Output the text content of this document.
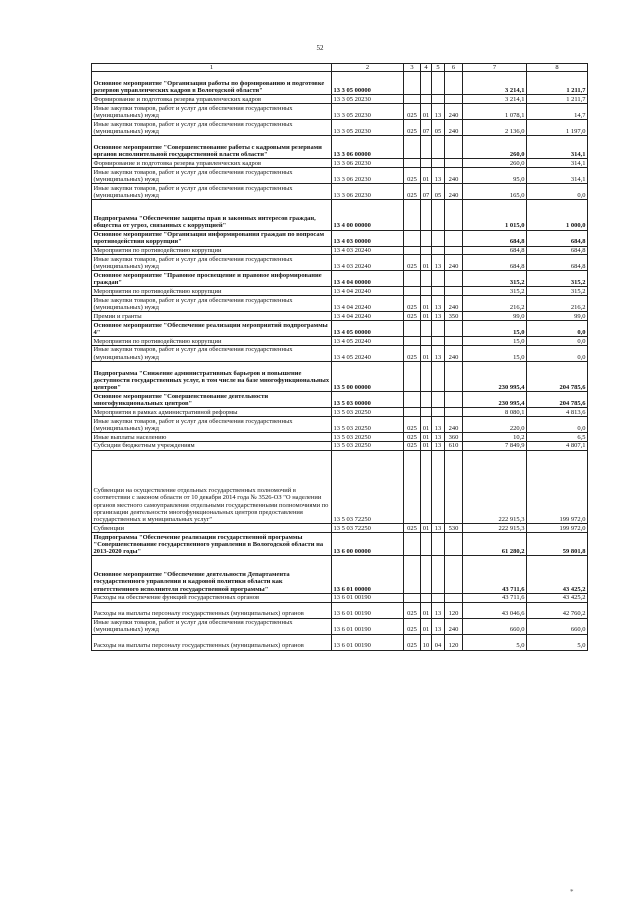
52
1	2	3	4	5	6	7	8
Основное мероприятие "Организация работы по формированию и подготовке резервов управленческих кадров в Вологодской области"	13 3 05 00000					3 214,1	1 211,7
Формирование и подготовка резерва управленческих кадров	13 3 05 20230					3 214,1	1 211,7
Иные закупки товаров, работ и услуг для обеспечения государственных (муниципальных) нужд	13 3 05 20230	025	01	13	240	1 078,1	14,7
Иные закупки товаров, работ и услуг для обеспечения государственных (муниципальных) нужд	13 3 05 20230	025	07	05	240	2 136,0	1 197,0
Основное мероприятие "Совершенствование работы с кадровыми резервами органов исполнительной государственной власти области"	13 3 06 00000					260,0	314,1
Формирование и подготовка резерва управленческих кадров	13 3 06 20230					260,0	314,1
Иные закупки товаров, работ и услуг для обеспечения государственных (муниципальных) нужд	13 3 06 20230	025	01	13	240	95,0	314,1
Иные закупки товаров, работ и услуг для обеспечения государственных (муниципальных) нужд	13 3 06 20230	025	07	05	240	165,0	0,0
Подпрограмма "Обеспечение защиты прав и законных интересов граждан, общества от угроз, связанных с коррупцией"	13 4 00 00000					1 015,0	1 000,0
Основное мероприятие "Организация информирования граждан по вопросам противодействия коррупции"	13 4 03 00000					684,8	684,8
Мероприятия по противодействию коррупции	13 4 03 20240					684,8	684,8
Иные закупки товаров, работ и услуг для обеспечения государственных (муниципальных) нужд	13 4 03 20240	025	01	13	240	684,8	684,8
Основное мероприятие "Правовое просвещение и правовое информирование граждан"	13 4 04 00000					315,2	315,2
Мероприятия по противодействию коррупции	13 4 04 20240					315,2	315,2
Иные закупки товаров, работ и услуг для обеспечения государственных (муниципальных) нужд	13 4 04 20240	025	01	13	240	216,2	216,2
Премии и гранты	13 4 04 20240	025	01	13	350	99,0	99,0
Основное мероприятие "Обеспечение реализации мероприятий подпрограммы 4"	13 4 05 00000					15,0	0,0
Мероприятия по противодействию коррупции	13 4 05 20240					15,0	0,0
Иные закупки товаров, работ и услуг для обеспечения государственных (муниципальных) нужд	13 4 05 20240	025	01	13	240	15,0	0,0
Подпрограмма "Снижение административных барьеров и повышение доступности государственных услуг, в том числе на базе многофункциональных центров"	13 5 00 00000					230 995,4	204 785,6
Основное мероприятие "Совершенствование деятельности многофункциональных центров"	13 5 03 00000					230 995,4	204 785,6
Мероприятия в рамках административной реформы	13 5 03 20250					8 080,1	4 813,6
Иные закупки товаров, работ и услуг для обеспечения государственных (муниципальных) нужд	13 5 03 20250	025	01	13	240	220,0	0,0
Иные выплаты населению	13 5 03 20250	025	01	13	360	10,2	6,5
Субсидии бюджетным учреждениям	13 5 03 20250	025	01	13	610	7 849,9	4 807,1
Субвенции на осуществление отдельных государственных полномочий в соответствии с законом области от 10 декабря 2014 года № 3526-ОЗ "О наделении органов местного самоуправления отдельными государственными полномочиями по организации деятельности многофункциональных центров предоставления государственных и муниципальных услуг"	13 5 03 72250					222 915,3	199 972,0
Субвенции	13 5 03 72250	025	01	13	530	222 915,3	199 972,0
Подпрограмма "Обеспечение реализации государственной программы "Совершенствование государственного управления в Вологодской области на 2013-2020 годы"	13 6 00 00000					61 280,2	59 801,8
Основное мероприятие "Обеспечение деятельности Департамента государственного управления и кадровой политики области как ответственного исполнителя государственной программы"	13 6 01 00000					43 711,6	43 425,2
Расходы на обеспечение функций государственных органов	13 6 01 00190					43 711,6	43 425,2
Расходы на выплаты персоналу государственных (муниципальных) органов	13 6 01 00190	025	01	13	120	43 046,6	42 760,2
Иные закупки товаров, работ и услуг для обеспечения государственных (муниципальных) нужд	13 6 01 00190	025	01	13	240	660,0	660,0
Расходы на выплаты персоналу государственных (муниципальных) органов	13 6 01 00190	025	10	04	120	5,0	5,0
*
